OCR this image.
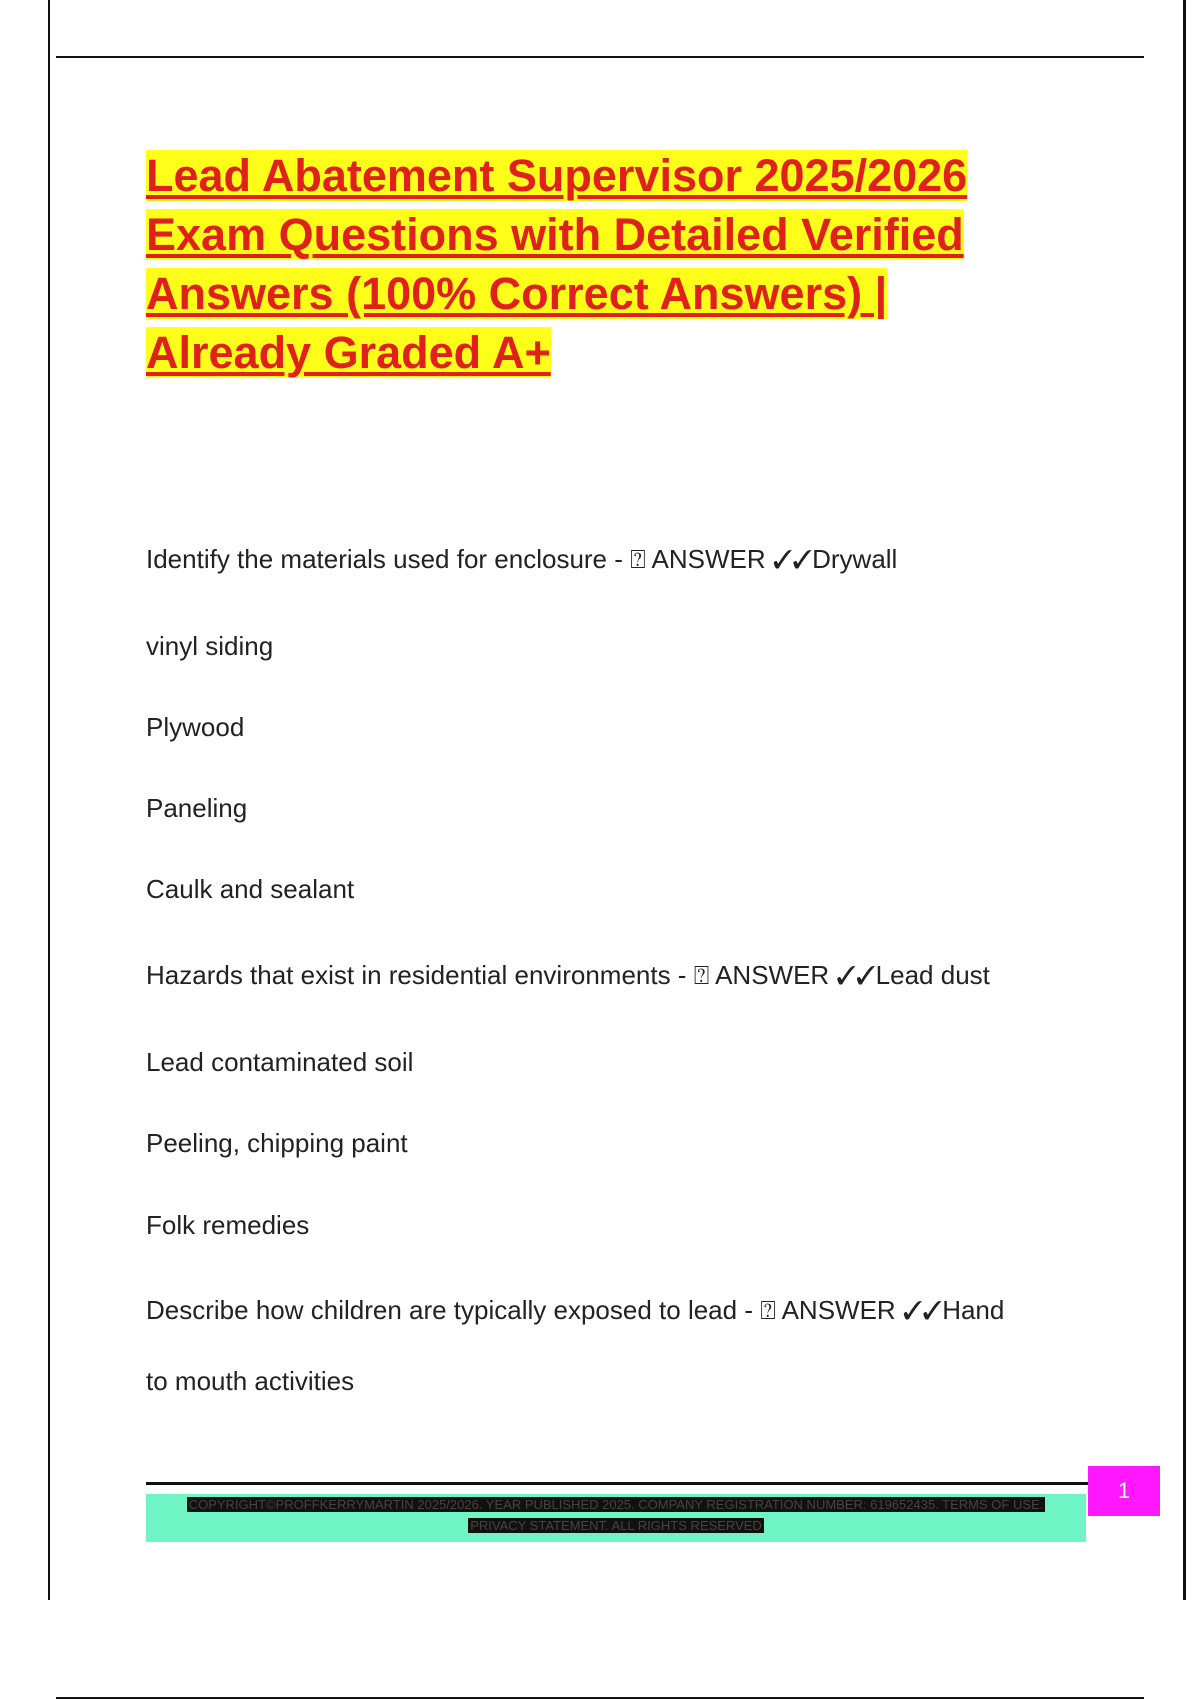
Lead Abatement Supervisor 2025/2026 Exam Questions with Detailed Verified Answers (100% Correct Answers) | Already Graded A+
Identify the materials used for enclosure - ⍰ ANSWER ✓✓Drywall
vinyl siding
Plywood
Paneling
Caulk and sealant
Hazards that exist in residential environments - ⍰ ANSWER ✓✓Lead dust
Lead contaminated soil
Peeling, chipping paint
Folk remedies
Describe how children are typically exposed to lead - ⍰ ANSWER ✓✓Hand
to mouth activities
COPYRIGHT©PROFFKERRYMARTIN 2025/2026. YEAR PUBLISHED 2025. COMPANY REGISTRATION NUMBER: 619652435. TERMS OF USE.
PRIVACY STATEMENT. ALL RIGHTS RESERVED
1
